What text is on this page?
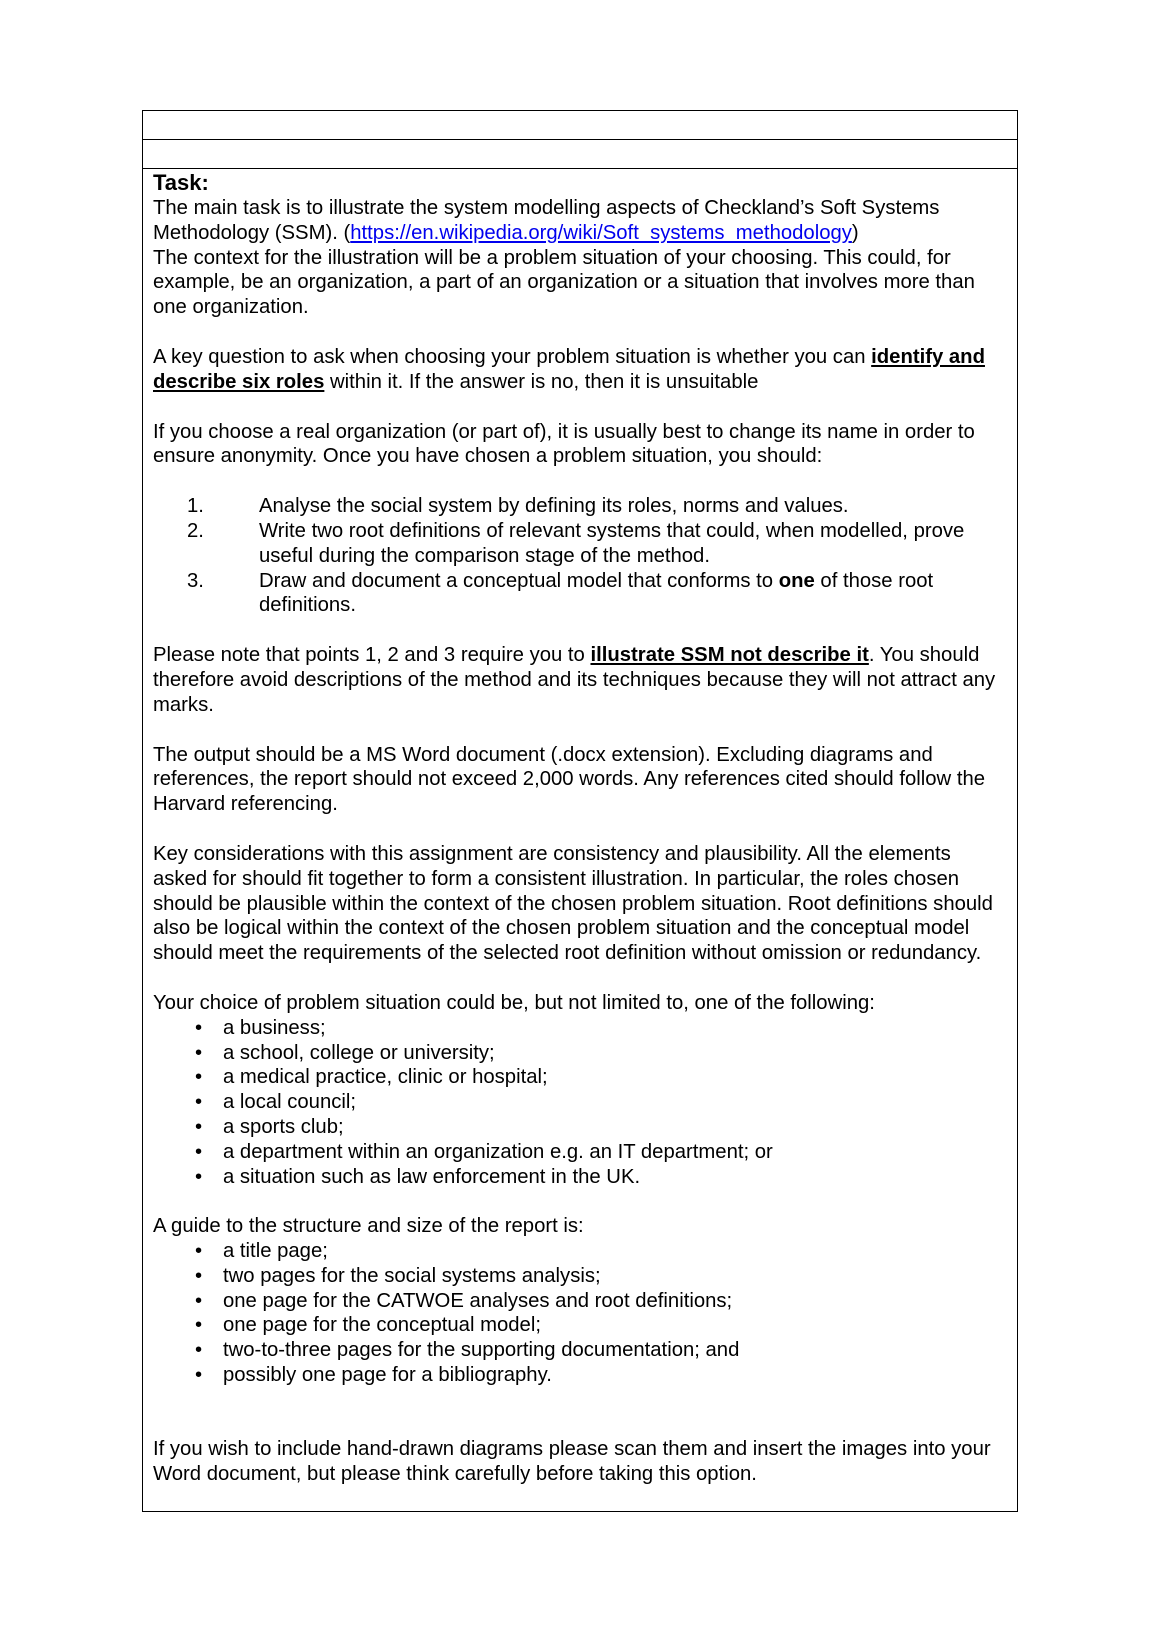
Task:

The main task is to illustrate the system modelling aspects of Checkland’s Soft Systems Methodology (SSM). (https://en.wikipedia.org/wiki/Soft_systems_methodology)

The context for the illustration will be a problem situation of your choosing. This could, for example, be an organization, a part of an organization or a situation that involves more than one organization.

A key question to ask when choosing your problem situation is whether you can identify and describe six roles within it. If the answer is no, then it is unsuitable

If you choose a real organization (or part of), it is usually best to change its name in order to ensure anonymity. Once you have chosen a problem situation, you should:

1.	Analyse the social system by defining its roles, norms and values.
2.	Write two root definitions of relevant systems that could, when modelled, prove useful during the comparison stage of the method.
3.	Draw and document a conceptual model that conforms to one of those root definitions.

Please note that points 1, 2 and 3 require you to illustrate SSM not describe it. You should therefore avoid descriptions of the method and its techniques because they will not attract any marks.

The output should be a MS Word document (.docx extension). Excluding diagrams and references, the report should not exceed 2,000 words. Any references cited should follow the Harvard referencing.

Key considerations with this assignment are consistency and plausibility. All the elements asked for should fit together to form a consistent illustration. In particular, the roles chosen should be plausible within the context of the chosen problem situation. Root definitions should also be logical within the context of the chosen problem situation and the conceptual model should meet the requirements of the selected root definition without omission or redundancy.

Your choice of problem situation could be, but not limited to, one of the following:

•	a business;
•	a school, college or university;
•	a medical practice, clinic or hospital;
•	a local council;
•	a sports club;
•	a department within an organization e.g. an IT department; or
•	a situation such as law enforcement in the UK.

A guide to the structure and size of the report is:

•	a title page;
•	two pages for the social systems analysis;
•	one page for the CATWOE analyses and root definitions;
•	one page for the conceptual model;
•	two-to-three pages for the supporting documentation; and
•	possibly one page for a bibliography.

If you wish to include hand-drawn diagrams please scan them and insert the images into your Word document, but please think carefully before taking this option.
